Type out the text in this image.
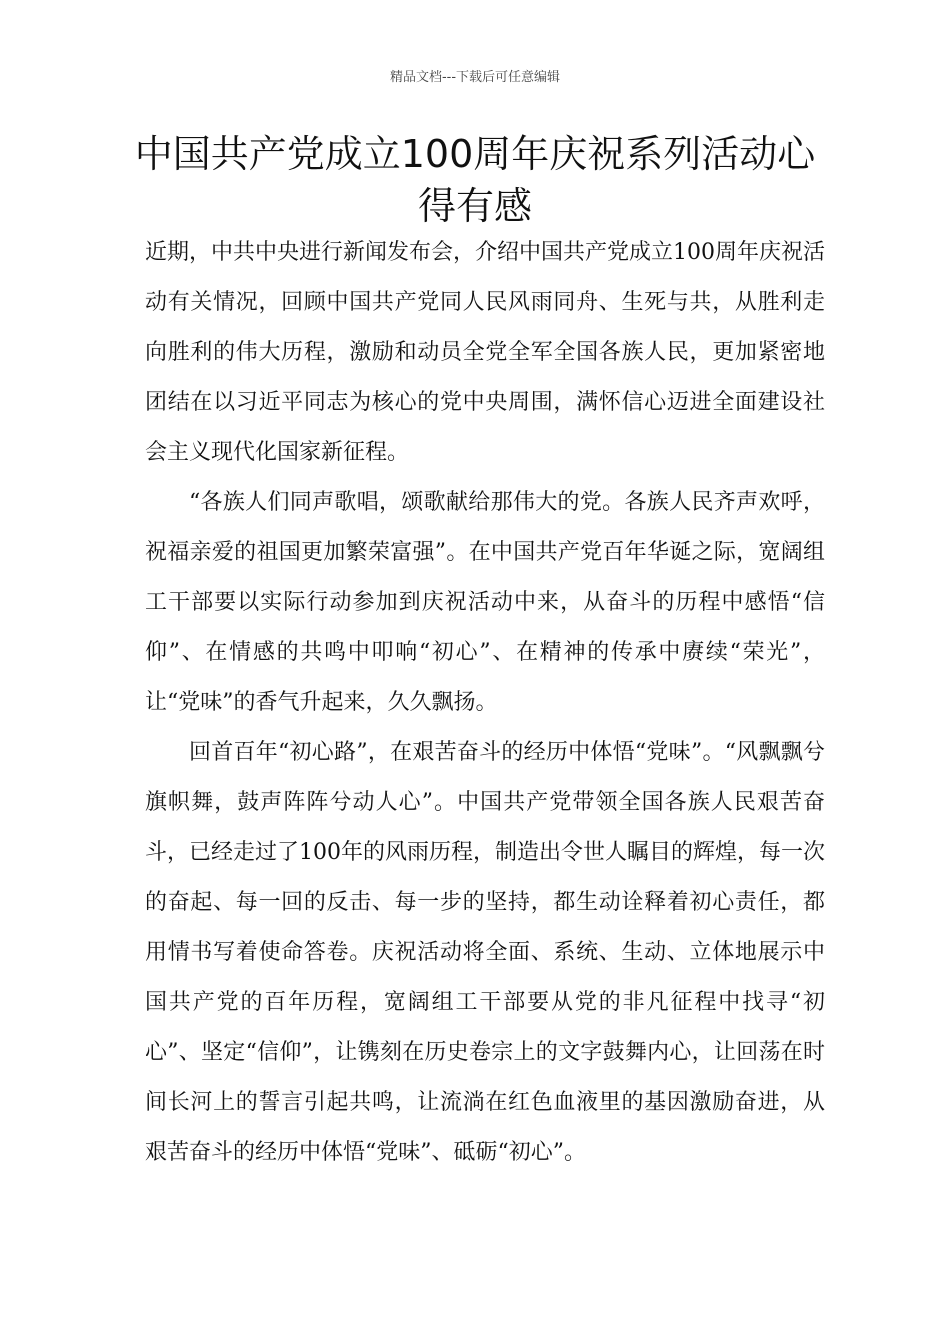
精品文档---下载后可任意编辑
中国共产党成立100周年庆祝系列活动心得有感

近期，中共中央进行新闻发布会，介绍中国共产党成立100周年庆祝活动有关情况，回顾中国共产党同人民风雨同舟、生死与共，从胜利走向胜利的伟大历程，激励和动员全党全军全国各族人民，更加紧密地团结在以习近平同志为核心的党中央周围，满怀信心迈进全面建设社会主义现代化国家新征程。

“各族人们同声歌唱，颂歌献给那伟大的党。各族人民齐声欢呼，祝福亲爱的祖国更加繁荣富强”。在中国共产党百年华诞之际，宽阔组工干部要以实际行动参加到庆祝活动中来，从奋斗的历程中感悟“信仰”、在情感的共鸣中叩响“初心”、在精神的传承中赓续“荣光”，让“党味”的香气升起来，久久飘扬。

回首百年“初心路”，在艰苦奋斗的经历中体悟“党味”。“风飘飘兮旗帜舞，鼓声阵阵兮动人心”。中国共产党带领全国各族人民艰苦奋斗，已经走过了100年的风雨历程，制造出令世人瞩目的辉煌，每一次的奋起、每一回的反击、每一步的坚持，都生动诠释着初心责任，都用情书写着使命答卷。庆祝活动将全面、系统、生动、立体地展示中国共产党的百年历程，宽阔组工干部要从党的非凡征程中找寻“初心”、坚定“信仰”，让镌刻在历史卷宗上的文字鼓舞内心，让回荡在时间长河上的誓言引起共鸣，让流淌在红色血液里的基因激励奋进，从艰苦奋斗的经历中体悟“党味”、砥砺“初心”。
